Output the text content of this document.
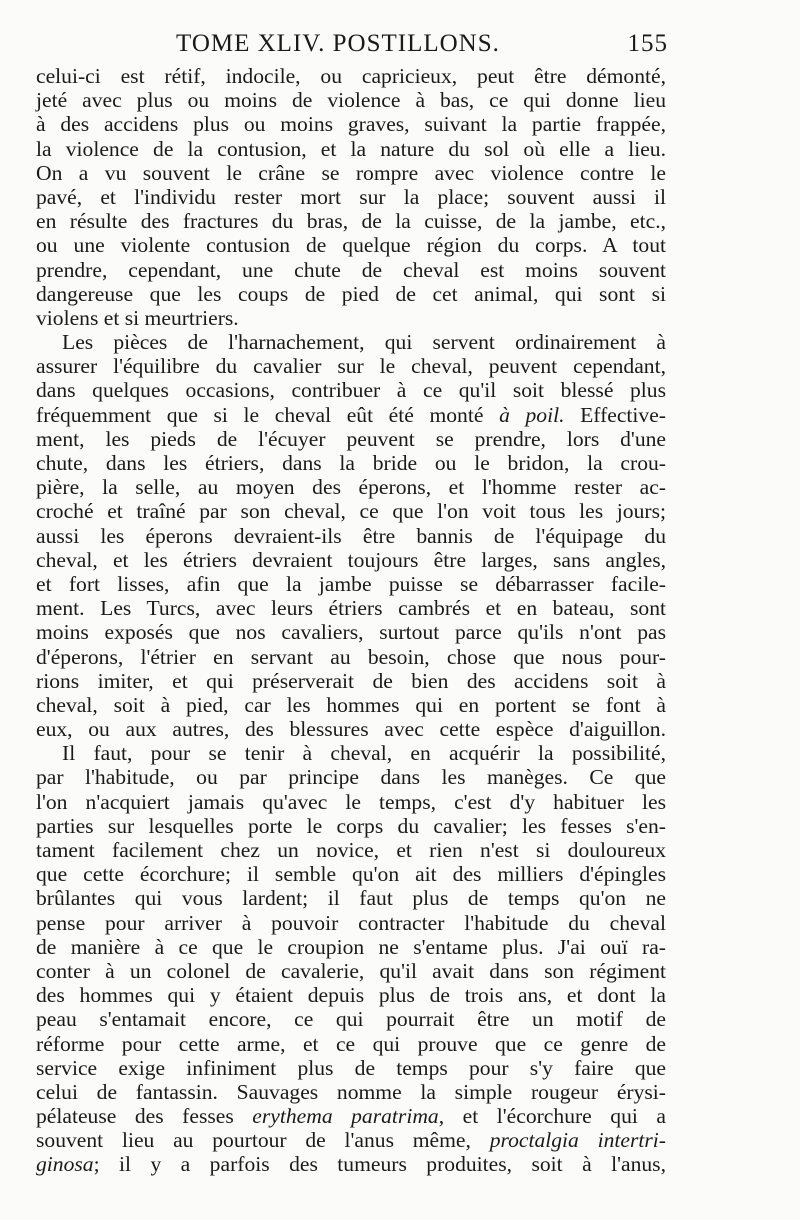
TOME XLIV. POSTILLONS.	155
celui-ci est rétif, indocile, ou capricieux, peut être démonté,
jeté avec plus ou moins de violence à bas, ce qui donne lieu
à des accidens plus ou moins graves, suivant la partie frappée,
la violence de la contusion, et la nature du sol où elle a lieu.
On a vu souvent le crâne se rompre avec violence contre le
pavé, et l'individu rester mort sur la place; souvent aussi il
en résulte des fractures du bras, de la cuisse, de la jambe, etc.,
ou une violente contusion de quelque région du corps. A tout
prendre, cependant, une chute de cheval est moins souvent
dangereuse que les coups de pied de cet animal, qui sont si
violens et si meurtriers.
Les pièces de l'harnachement, qui servent ordinairement à
assurer l'équilibre du cavalier sur le cheval, peuvent cependant,
dans quelques occasions, contribuer à ce qu'il soit blessé plus
fréquemment que si le cheval eût été monté à poil. Effective-
ment, les pieds de l'écuyer peuvent se prendre, lors d'une
chute, dans les étriers, dans la bride ou le bridon, la crou-
pière, la selle, au moyen des éperons, et l'homme rester ac-
croché et traîné par son cheval, ce que l'on voit tous les jours;
aussi les éperons devraient-ils être bannis de l'équipage du
cheval, et les étriers devraient toujours être larges, sans angles,
et fort lisses, afin que la jambe puisse se débarrasser facile-
ment. Les Turcs, avec leurs étriers cambrés et en bateau, sont
moins exposés que nos cavaliers, surtout parce qu'ils n'ont pas
d'éperons, l'étrier en servant au besoin, chose que nous pour-
rions imiter, et qui préserverait de bien des accidens soit à
cheval, soit à pied, car les hommes qui en portent se font à
eux, ou aux autres, des blessures avec cette espèce d'aiguillon.
Il faut, pour se tenir à cheval, en acquérir la possibilité,
par l'habitude, ou par principe dans les manèges. Ce que
l'on n'acquiert jamais qu'avec le temps, c'est d'y habituer les
parties sur lesquelles porte le corps du cavalier; les fesses s'en-
tament facilement chez un novice, et rien n'est si douloureux
que cette écorchure; il semble qu'on ait des milliers d'épingles
brûlantes qui vous lardent; il faut plus de temps qu'on ne
pense pour arriver à pouvoir contracter l'habitude du cheval
de manière à ce que le croupion ne s'entame plus. J'ai ouï ra-
conter à un colonel de cavalerie, qu'il avait dans son régiment
des hommes qui y étaient depuis plus de trois ans, et dont la
peau s'entamait encore, ce qui pourrait être un motif de
réforme pour cette arme, et ce qui prouve que ce genre de
service exige infiniment plus de temps pour s'y faire que
celui de fantassin. Sauvages nomme la simple rougeur érysi-
pélateuse des fesses erythema paratrima, et l'écorchure qui a
souvent lieu au pourtour de l'anus même, proctalgia intertri-
ginosa; il y a parfois des tumeurs produites, soit à l'anus,
